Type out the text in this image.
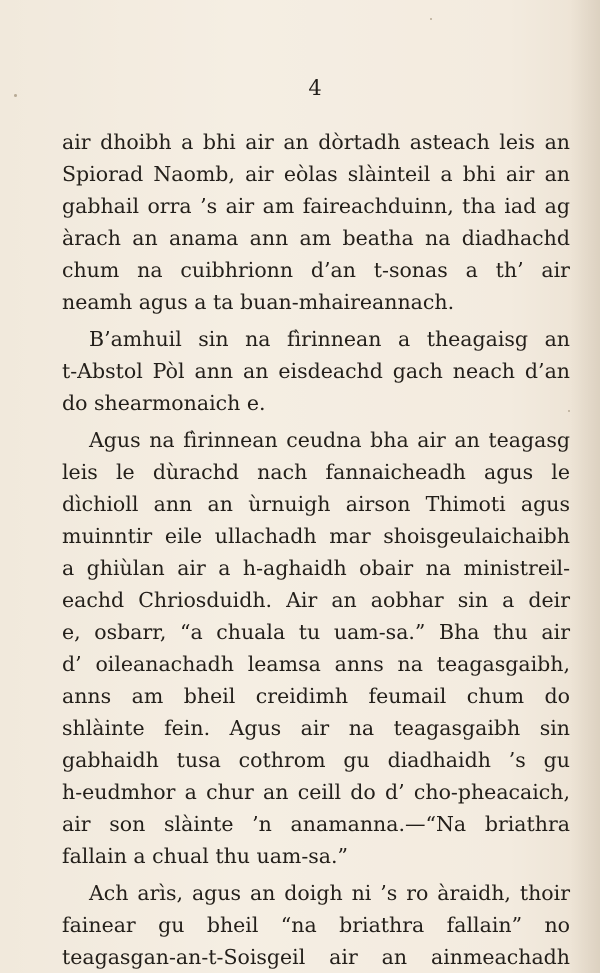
4
air dhoibh a bhi air an dòrtadh asteach leis an
Spiorad Naomb, air eòlas slàinteil a bhi air an
gabhail orra ’s air am faireachduinn, tha iad ag
àrach an anama ann am beatha na diadhachd
chum na cuibhrionn d’an t-sonas a th’ air
neamh agus a ta buan-mhaireannach.
B’amhuil sin na fìrinnean a theagaisg an
t-Abstol Pòl ann an eisdeachd gach neach d’an
do shearmonaich e.
Agus na fìrinnean ceudna bha air an teagasg
leis le dùrachd nach fannaicheadh agus le
dìchioll ann an ùrnuigh airson Thimoti agus
muinntir eile ullachadh mar shoisgeulaichaibh
a ghiùlan air a h-aghaidh obair na ministreil-
eachd Chriosduidh. Air an aobhar sin a deir
e, osbarr, “a chuala tu uam-sa.” Bha thu air
d’ oileanachadh leamsa anns na teagasgaibh,
anns am bheil creidimh feumail chum do
shlàinte fein. Agus air na teagasgaibh sin
gabhaidh tusa cothrom gu diadhaidh ’s gu
h-eudmhor a chur an ceill do d’ cho-pheacaich,
air son slàinte ’n anamanna.—“Na briathra
fallain a chual thu uam-sa.”
Ach arìs, agus an doigh ni ’s ro àraidh, thoir
fainear gu bheil “na briathra fallain” no
teagasgan-an-t-Soisgeil air an ainmeachadh
